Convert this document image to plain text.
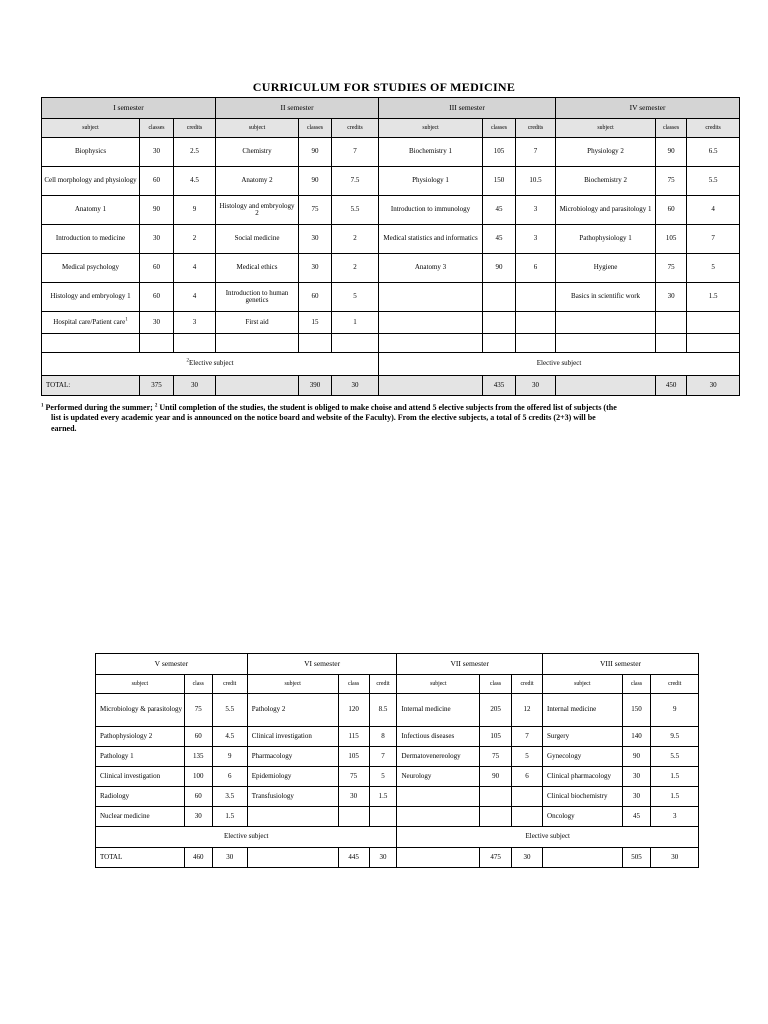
CURRICULUM FOR STUDIES OF MEDICINE
I semester			II semester			III semester			IV semester		
subject	classes	credits	subject	classes	credits	subject	classes	credits	subject	classes	credits
Biophysics	30	2.5	Chemistry	90	7	Biochemistry 1	105	7	Physiology 2	90	6.5
Cell morphology and physiology	60	4.5	Anatomy 2	90	7.5	Physiology 1	150	10.5	Biochemistry 2	75	5.5
Anatomy 1	90	9	Histology and embryology 2	75	5.5	Introduction to immunology	45	3	Microbiology and parasitology 1	60	4
Introduction to medicine	30	2	Social medicine	30	2	Medical statistics and informatics	45	3	Pathophysiology 1	105	7
Medical psychology	60	4	Medical ethics	30	2	Anatomy 3	90	6	Hygiene	75	5
Histology and embryology 1	60	4	Introduction to human genetics	60	5				Basics in scientific work	30	1.5
Hospital care/Patient care$^1$	30	3	First aid	15	1						

$^2$Elective subject						Elective subject					
TOTAL:	375	30		390	30		435	30		450	30
$^1$ Performed during the summer; $^2$ Until completion of the studies, the student is obliged to make choise and attend 5 elective subjects from the offered list of subjects (the
list is updated every academic year and is announced on the notice board and website of the Faculty). From the elective subjects, a total of 5 credits (2+3) will be
earned.
V semester			VI semester			VII semester			VIII semester		
subject	class	credit	subject	class	credit	subject	class	credit	subject	class	credit
Microbiology & parasitology	75	5.5	Pathology 2	120	8.5	Internal medicine	205	12	Internal medicine	150	9
Pathophysiology 2	60	4.5	Clinical investigation	115	8	Infectious diseases	105	7	Surgery	140	9.5
Pathology 1	135	9	Pharmacology	105	7	Dermatovenereology	75	5	Gynecology	90	5.5
Clinical investigation	100	6	Epidemiology	75	5	Neurology	90	6	Clinical pharmacology	30	1.5
Radiology	60	3.5	Transfusiology	30	1.5				Clinical biochemistry	30	1.5
Nuclear medicine	30	1.5							Oncology	45	3
Elective subject						Elective subject					
TOTAL	460	30		445	30		475	30		505	30
